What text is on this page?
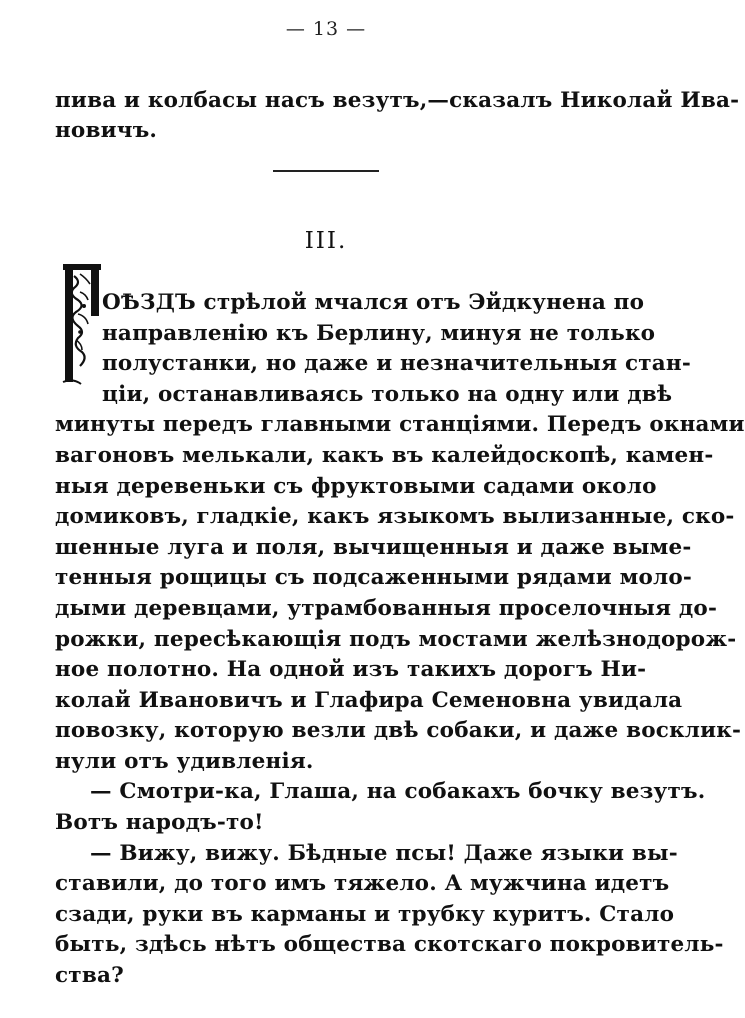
— 13 —
пива и колбасы насъ везутъ,—сказалъ Николай Ива-
новичъ.
III.
ОѢЗДЪ стрѣлой мчался отъ Эйдкунена по
направленію къ Берлину, минуя не только
полустанки, но даже и незначительныя стан-
ціи, останавливаясь только на одну или двѣ
минуты передъ главными станціями. Передъ окнами
вагоновъ мелькали, какъ въ калейдоскопѣ, камен-
ныя деревеньки съ фруктовыми садами около
домиковъ, гладкіе, какъ языкомъ вылизанные, ско-
шенные луга и поля, вычищенныя и даже выме-
тенныя рощицы съ подсаженными рядами моло-
дыми деревцами, утрамбованныя проселочныя до-
рожки, пересѣкающія подъ мостами желѣзнодорож-
ное полотно. На одной изъ такихъ дорогъ Ни-
колай Ивановичъ и Глафира Семеновна увидала
повозку, которую везли двѣ собаки, и даже восклик-
нули отъ удивленія.
— Смотри-ка, Глаша, на собакахъ бочку везутъ.
Вотъ народъ-то!
— Вижу, вижу. Бѣдные псы! Даже языки вы-
ставили, до того имъ тяжело. А мужчина идетъ
сзади, руки въ карманы и трубку куритъ. Стало
быть, здѣсь нѣтъ общества скотскаго покровитель-
ства?
